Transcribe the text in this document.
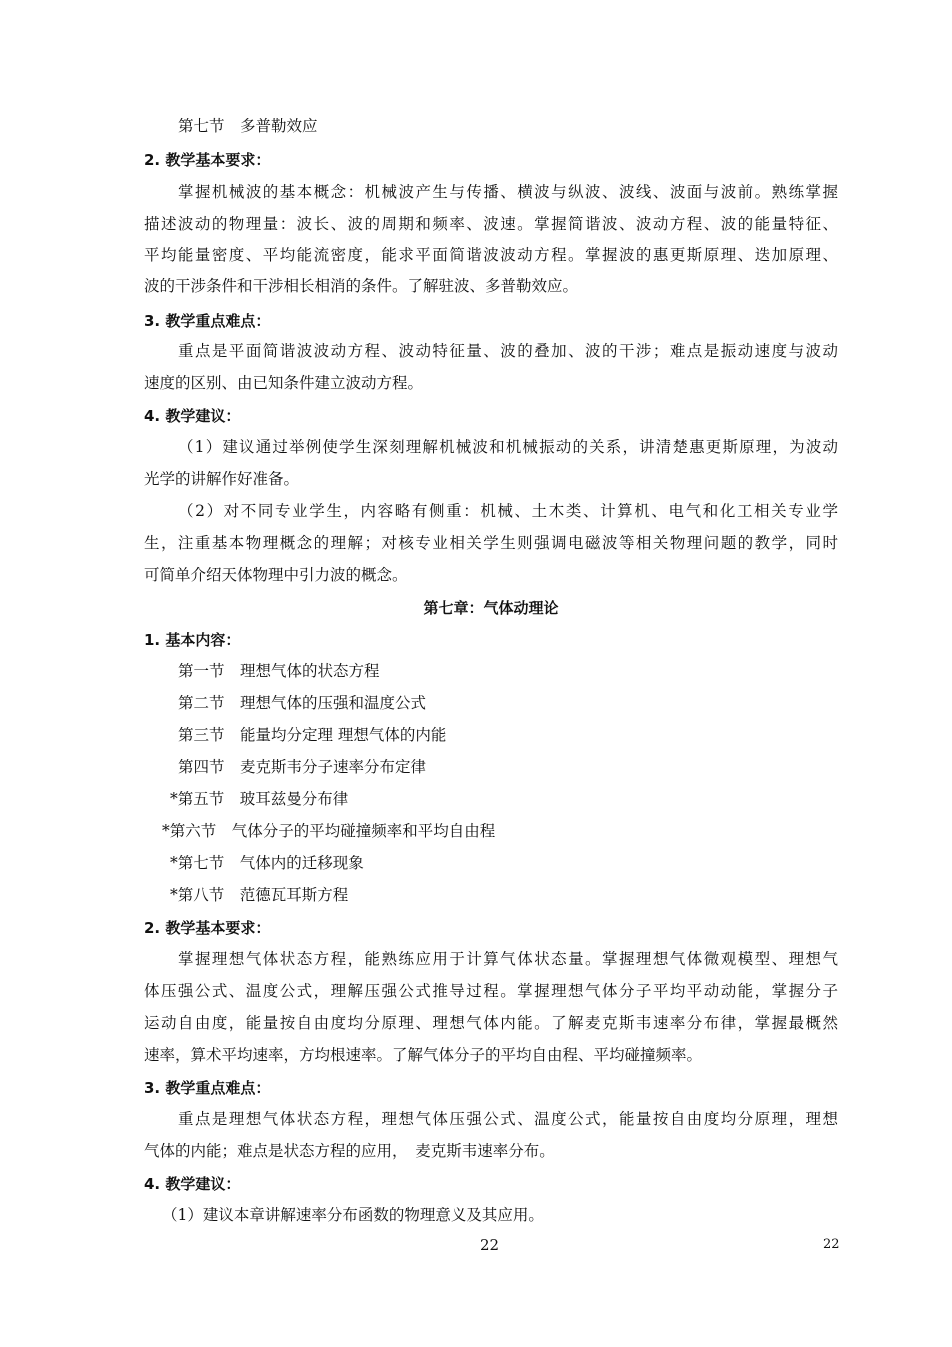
第七节　多普勒效应
2. 教学基本要求：
掌握机械波的基本概念：机械波产生与传播、横波与纵波、波线、波面与波前。熟练掌握
描述波动的物理量：波长、波的周期和频率、波速。掌握简谐波、波动方程、波的能量特征、
平均能量密度、平均能流密度，能求平面简谐波波动方程。掌握波的惠更斯原理、迭加原理、
波的干涉条件和干涉相长相消的条件。了解驻波、多普勒效应。
3. 教学重点难点：
重点是平面简谐波波动方程、波动特征量、波的叠加、波的干涉；难点是振动速度与波动
速度的区别、由已知条件建立波动方程。
4. 教学建议：
（1）建议通过举例使学生深刻理解机械波和机械振动的关系，讲清楚惠更斯原理，为波动
光学的讲解作好准备。
（2）对不同专业学生，内容略有侧重：机械、土木类、计算机、电气和化工相关专业学
生，注重基本物理概念的理解；对核专业相关学生则强调电磁波等相关物理问题的教学，同时
可简单介绍天体物理中引力波的概念。
第七章：气体动理论
1. 基本内容：
第一节　理想气体的状态方程
第二节　理想气体的压强和温度公式
第三节　能量均分定理 理想气体的内能
第四节　麦克斯韦分子速率分布定律
*第五节　玻耳兹曼分布律
*第六节　气体分子的平均碰撞频率和平均自由程
*第七节　气体内的迁移现象
*第八节　范德瓦耳斯方程
2. 教学基本要求：
掌握理想气体状态方程，能熟练应用于计算气体状态量。掌握理想气体微观模型、理想气
体压强公式、温度公式，理解压强公式推导过程。掌握理想气体分子平均平动动能，掌握分子
运动自由度，能量按自由度均分原理、理想气体内能。了解麦克斯韦速率分布律，掌握最概然
速率，算术平均速率，方均根速率。了解气体分子的平均自由程、平均碰撞频率。
3. 教学重点难点：
重点是理想气体状态方程，理想气体压强公式、温度公式，能量按自由度均分原理，理想
气体的内能；难点是状态方程的应用，　麦克斯韦速率分布。
4. 教学建议：
（1）建议本章讲解速率分布函数的物理意义及其应用。
22	22
